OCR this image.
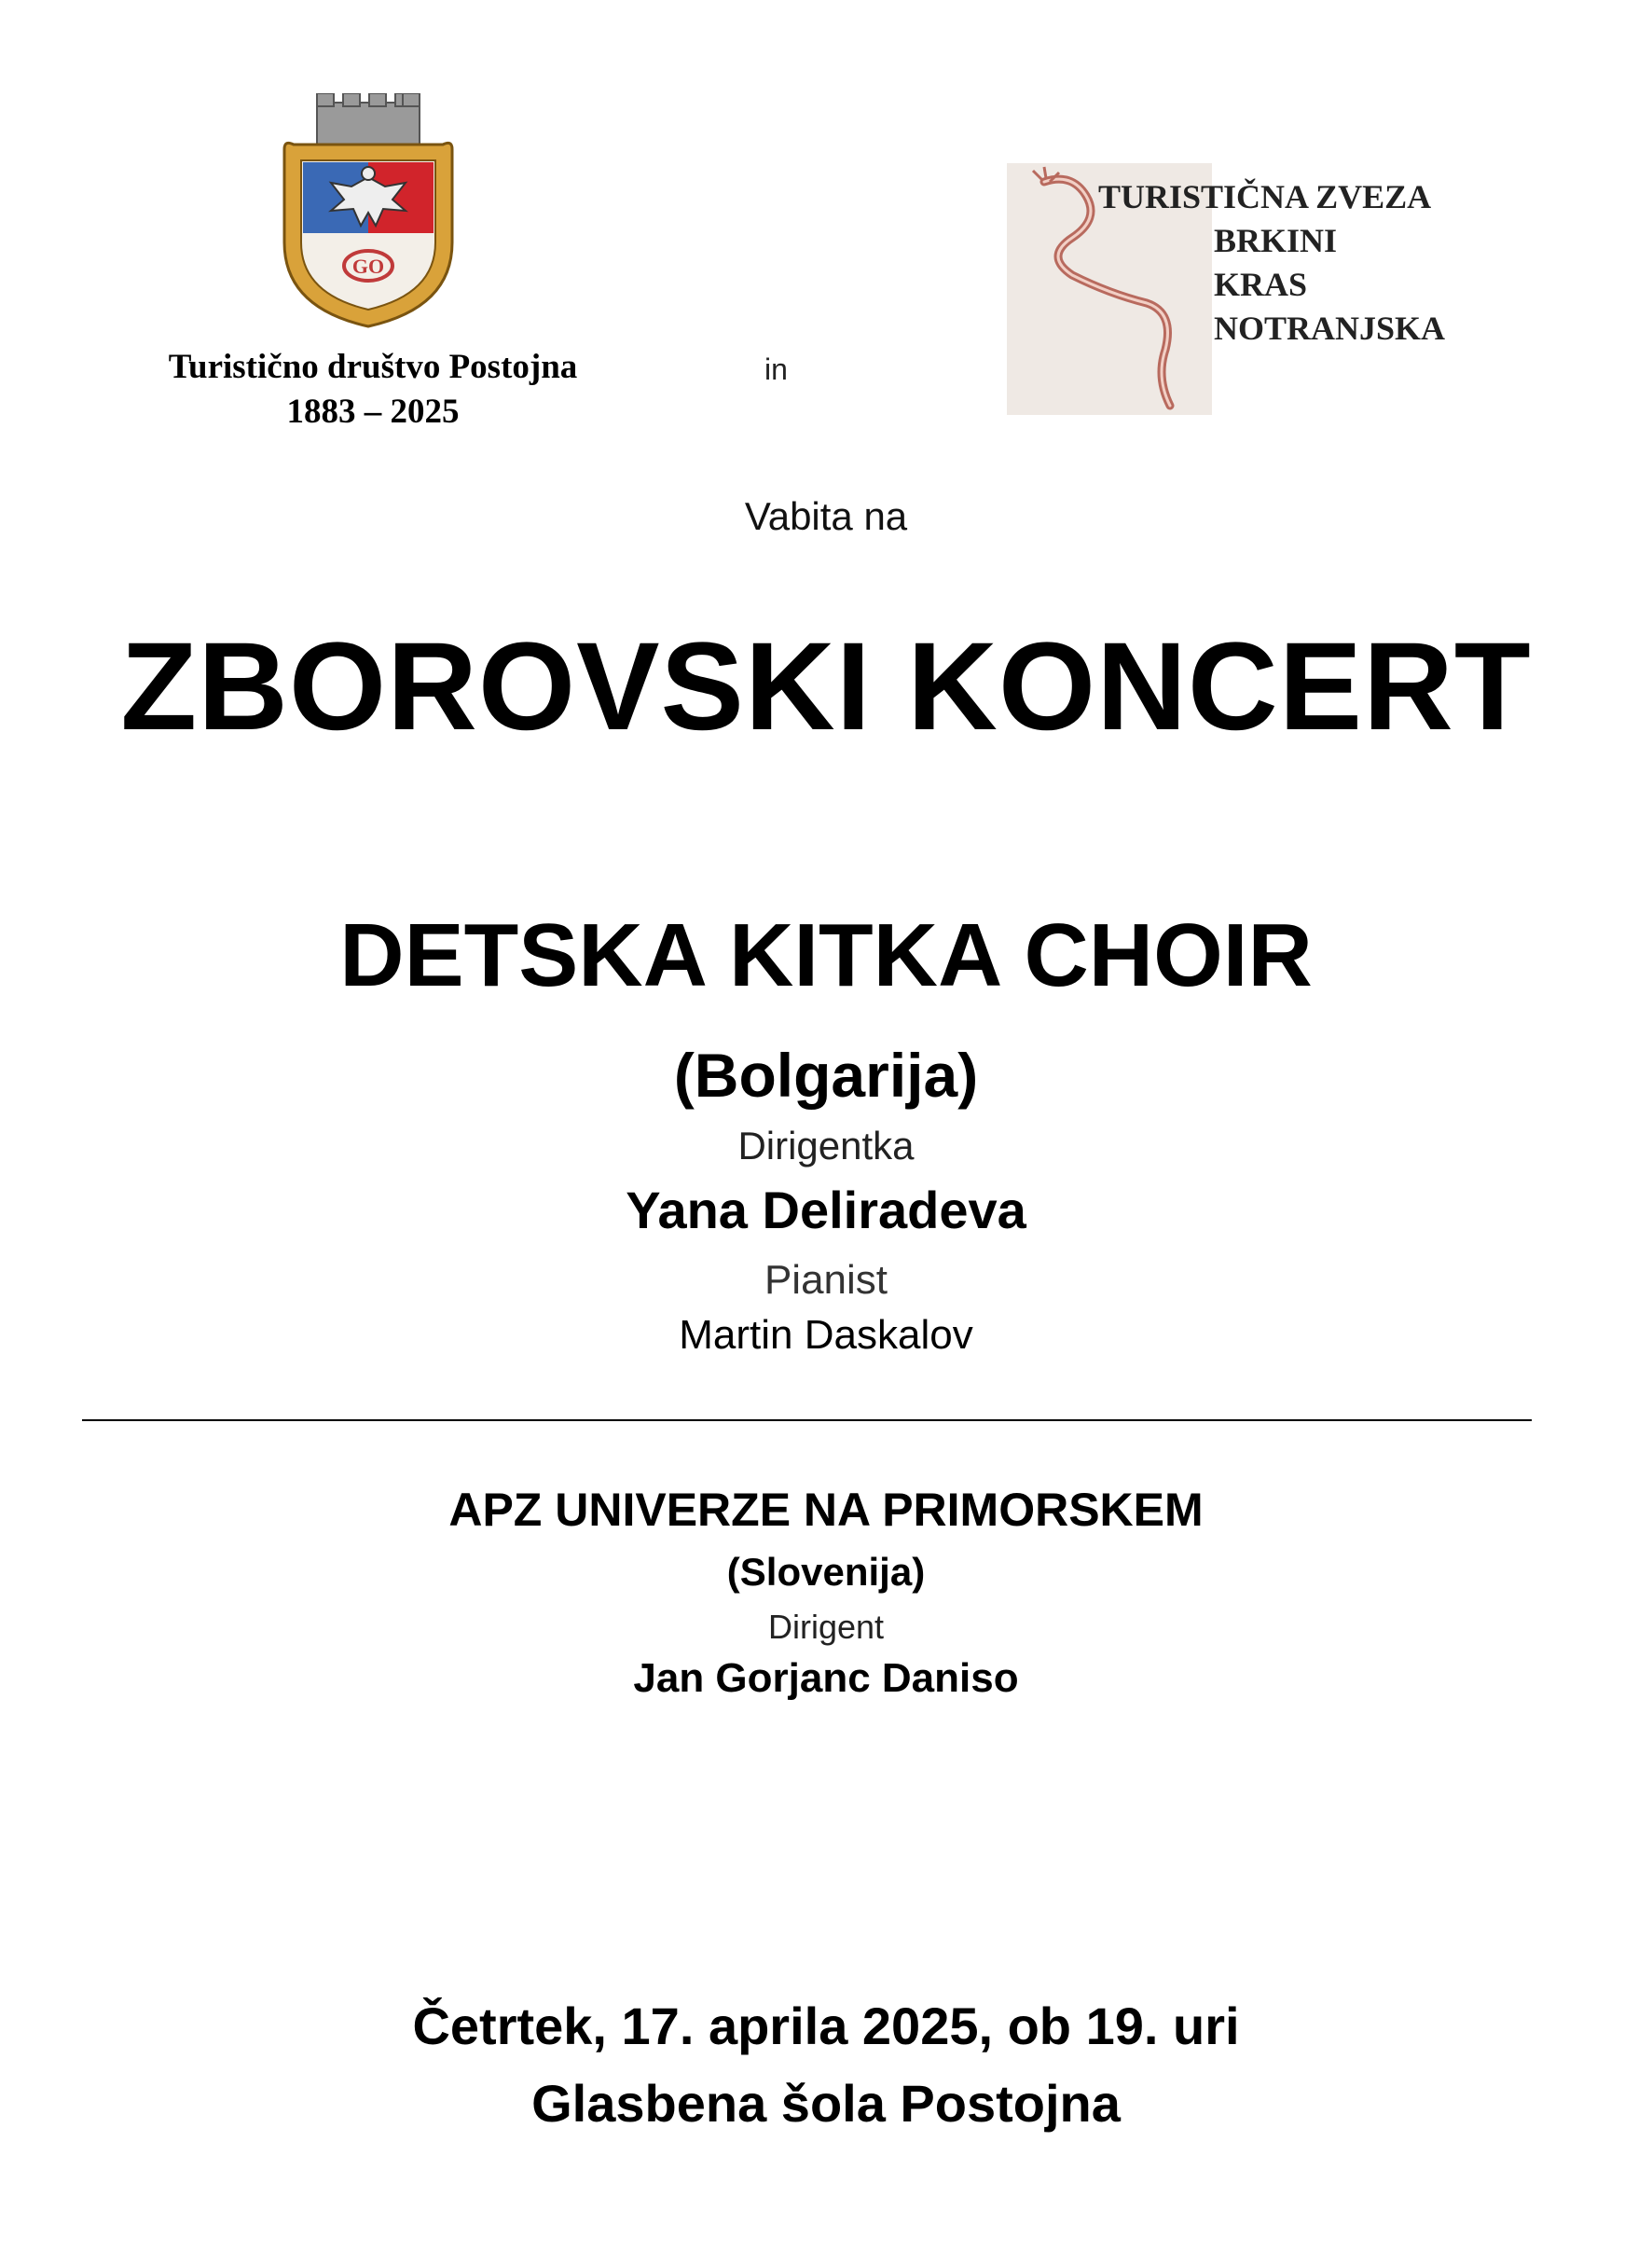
GO
Turistično društvo Postojna
1883 – 2025
in
TURISTIČNA ZVEZA
BRKINI
KRAS
NOTRANJSKA
Vabita na
ZBOROVSKI KONCERT
DETSKA KITKA CHOIR
(Bolgarija)
Dirigentka
Yana Deliradeva
Pianist
Martin Daskalov
APZ UNIVERZE NA PRIMORSKEM
(Slovenija)
Dirigent
Jan Gorjanc Daniso
Četrtek, 17. aprila 2025, ob 19. uri
Glasbena šola Postojna
